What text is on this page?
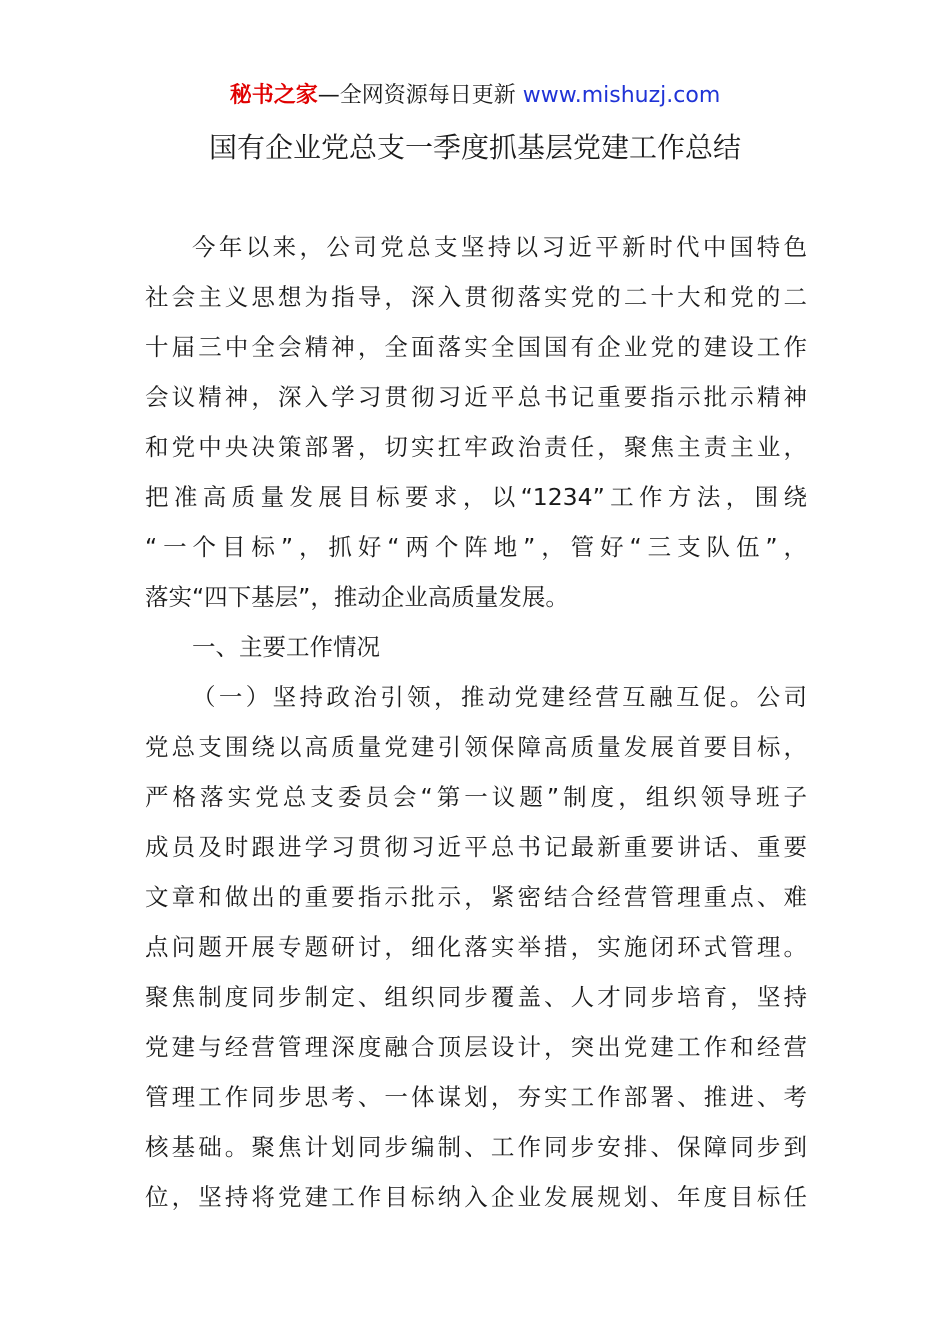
秘书之家—全网资源每日更新 www.mishuzj.com
国有企业党总支一季度抓基层党建工作总结
今年以来，公司党总支坚持以习近平新时代中国特色
社会主义思想为指导，深入贯彻落实党的二十大和党的二
十届三中全会精神，全面落实全国国有企业党的建设工作
会议精神，深入学习贯彻习近平总书记重要指示批示精神
和党中央决策部署，切实扛牢政治责任，聚焦主责主业，
把准高质量发展目标要求，以“1234”工作方法，围绕
“一个目标”，抓好“两个阵地”，管好“三支队伍”，
落实“四下基层”，推动企业高质量发展。
一、主要工作情况
（一）坚持政治引领，推动党建经营互融互促。公司
党总支围绕以高质量党建引领保障高质量发展首要目标，
严格落实党总支委员会“第一议题”制度，组织领导班子
成员及时跟进学习贯彻习近平总书记最新重要讲话、重要
文章和做出的重要指示批示，紧密结合经营管理重点、难
点问题开展专题研讨，细化落实举措，实施闭环式管理。
聚焦制度同步制定、组织同步覆盖、人才同步培育，坚持
党建与经营管理深度融合顶层设计，突出党建工作和经营
管理工作同步思考、一体谋划，夯实工作部署、推进、考
核基础。聚焦计划同步编制、工作同步安排、保障同步到
位，坚持将党建工作目标纳入企业发展规划、年度目标任
